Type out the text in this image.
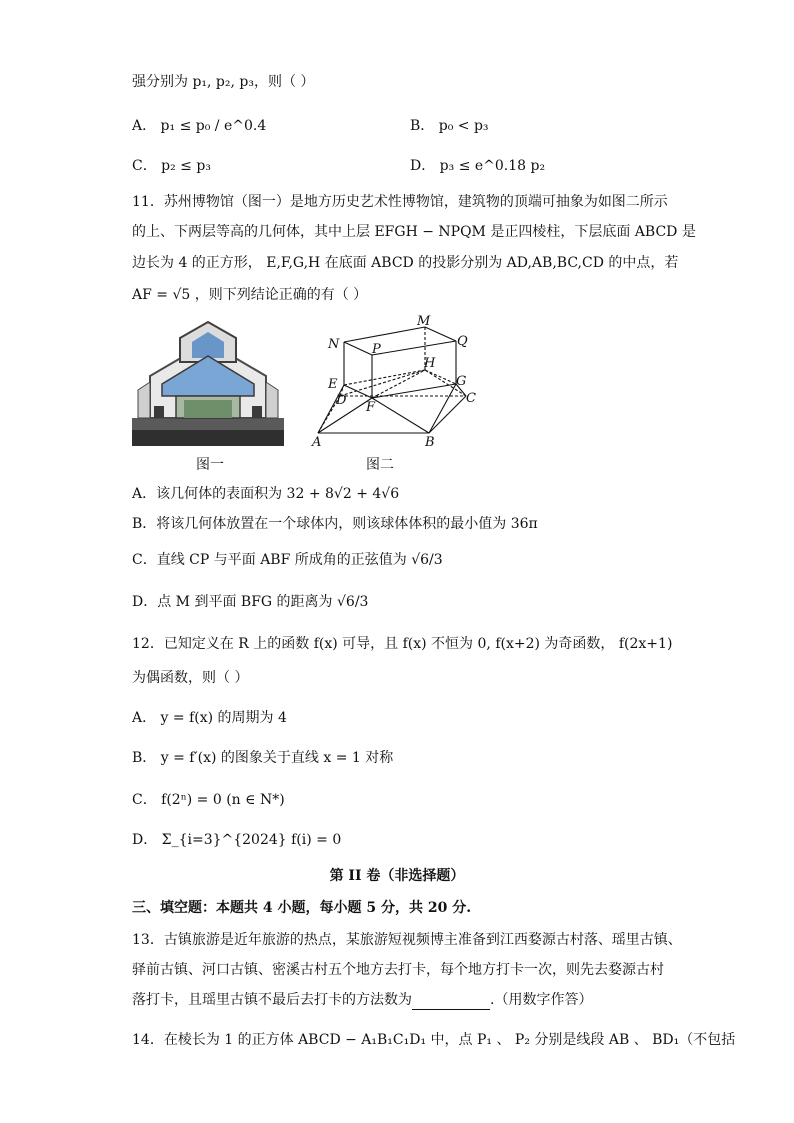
强分别为 p₁, p₂, p₃，则（ ）
A． p₁ ≤ p₀ / e^0.4	B． p₀ < p₃
C． p₂ ≤ p₃	D． p₃ ≤ e^0.18 p₂
11．苏州博物馆（图一）是地方历史艺术性博物馆，建筑物的顶端可抽象为如图二所示
的上、下两层等高的几何体，其中上层 EFGH − NPQM 是正四棱柱，下层底面 ABCD 是
边长为 4 的正方形， E,F,G,H 在底面 ABCD 的投影分别为 AD,AB,BC,CD 的中点，若
AF = √5 ，则下列结论正确的有（ ）
图一
M
N	P
Q
H
E	G
D F
C
A	B
图二
A．该几何体的表面积为 32 + 8√2 + 4√6
B．将该几何体放置在一个球体内，则该球体体积的最小值为 36π
C．直线 CP 与平面 ABF 所成角的正弦值为 √6/3
D．点 M 到平面 BFG 的距离为 √6/3
12．已知定义在 R 上的函数 f(x) 可导，且 f(x) 不恒为 0, f(x+2) 为奇函数， f(2x+1)
为偶函数，则（ ）
A． y = f(x) 的周期为 4
B． y = f′(x) 的图象关于直线 x = 1 对称
C． f(2ⁿ) = 0 (n ∈ N*)
D． Σ_{i=3}^{2024} f(i) = 0
第 II 卷（非选择题）
三、填空题：本题共 4 小题，每小题 5 分，共 20 分.
13．古镇旅游是近年旅游的热点，某旅游短视频博主准备到江西婺源古村落、瑶里古镇、
驿前古镇、河口古镇、密溪古村五个地方去打卡，每个地方打卡一次，则先去婺源古村
落打卡，且瑶里古镇不最后去打卡的方法数为	.（用数字作答）
14．在棱长为 1 的正方体 ABCD − A₁B₁C₁D₁ 中，点 P₁ 、 P₂ 分别是线段 AB 、 BD₁（不包括
